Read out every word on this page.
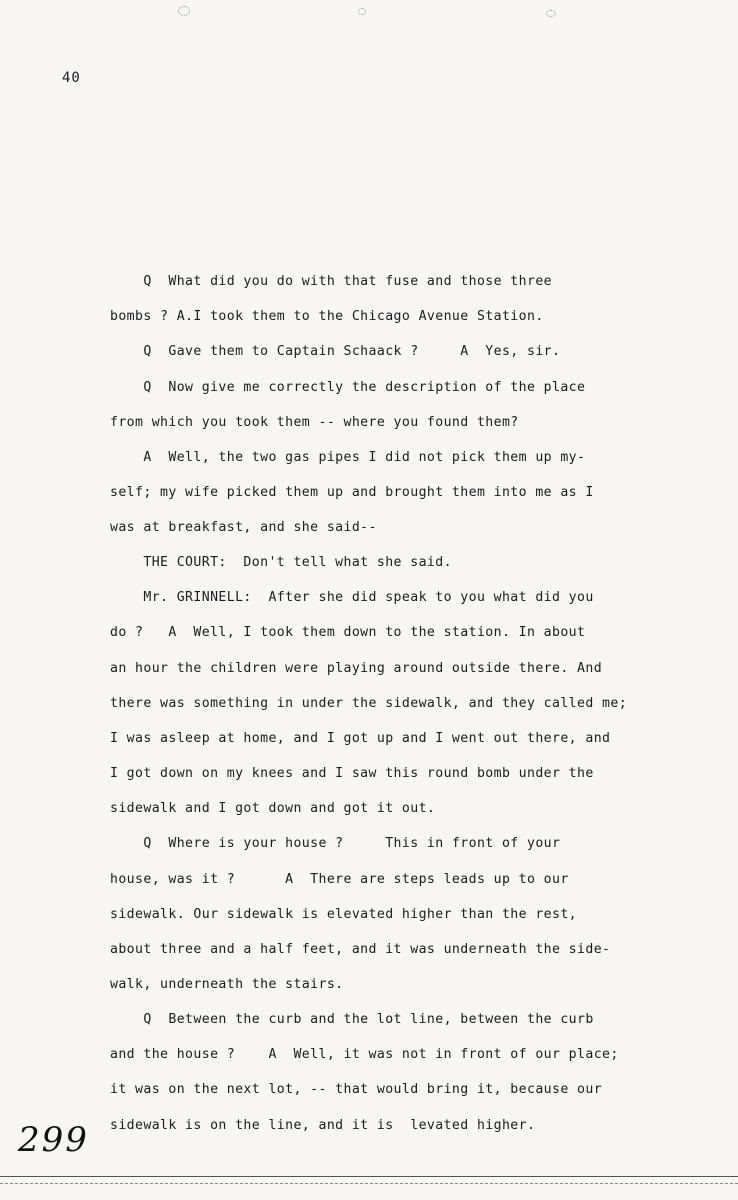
40
Q  What did you do with that fuse and those three
bombs ? A.I took them to the Chicago Avenue Station.
Q  Gave them to Captain Schaack ?     A  Yes, sir.
Q  Now give me correctly the description of the place
from which you took them -- where you found them?
A  Well, the two gas pipes I did not pick them up my-
self; my wife picked them up and brought them into me as I
was at breakfast, and she said--
THE COURT:  Don't tell what she said.
Mr. GRINNELL:  After she did speak to you what did you
do ?   A  Well, I took them down to the station. In about
an hour the children were playing around outside there. And
there was something in under the sidewalk, and they called me;
I was asleep at home, and I got up and I went out there, and
I got down on my knees and I saw this round bomb under the
sidewalk and I got down and got it out.
Q  Where is your house ?     This in front of your
house, was it ?      A  There are steps leads up to our
sidewalk. Our sidewalk is elevated higher than the rest,
about three and a half feet, and it was underneath the side-
walk, underneath the stairs.
Q  Between the curb and the lot line, between the curb
and the house ?    A  Well, it was not in front of our place;
it was on the next lot, -- that would bring it, because our
sidewalk is on the line, and it is  levated higher.
299
